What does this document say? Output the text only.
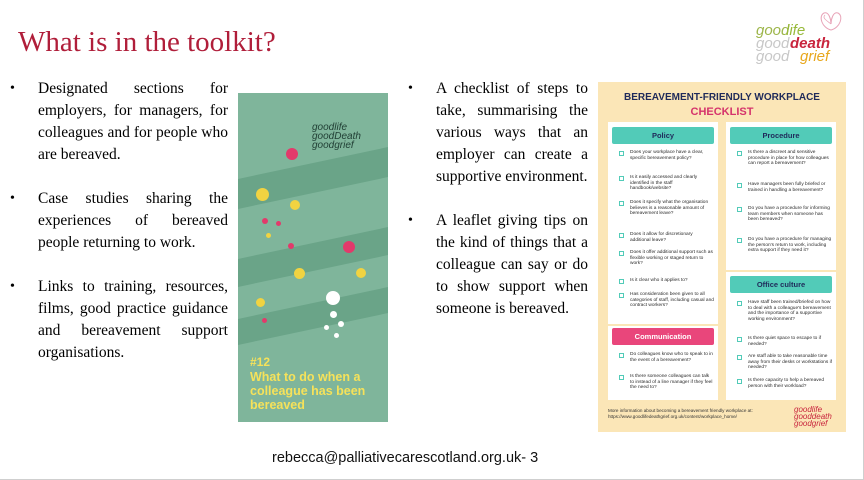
What is in the toolkit?	good
life
good death
good grief
• Designated sections for employers, for managers, for colleagues and for people who are bereaved.
• Case studies sharing the experiences of bereaved people returning to work.
• Links to training, resources, films, good practice guidance and bereavement support organisations.
goodlife goodDeath goodgrief
#12
What to do when a colleague has been bereaved
• A checklist of steps to take, summarising the various ways that an employer can create a supportive environment.
• A leaflet giving tips on the kind of things that a colleague can say or do to show support when someone is bereaved.
BEREAVEMENT-FRIENDLY WORKPLACE
CHECKLIST
Policy
Does your workplace have a clear, specific bereavement policy?
Is it easily accessed and clearly identified in the staff handbook/website?
Does it specify what the organisation believes is a reasonable amount of bereavement leave?
Does it allow for discretionary additional leave?
Does it offer additional support such as flexible working or staged return to work?
Is it clear who it applies to?
Has consideration been given to all categories of staff, including casual and contract workers?
Communication
Do colleagues know who to speak to in the event of a bereavement?
Is there someone colleagues can talk to instead of a line manager if they feel the need to?
Procedure
Is there a discreet and sensitive procedure in place for how colleagues can report a bereavement?
Have managers been fully briefed or trained in handling a bereavement?
Do you have a procedure for informing team members when someone has been bereaved?
Do you have a procedure for managing the person's return to work, including extra support if they need it?
Office culture
Have staff been trained/briefed on how to deal with a colleague's bereavement and the importance of a supportive working environment?
Is there quiet space to escape to if needed?
Are staff able to take reasonable time away from their desks or workstations if needed?
Is there capacity to help a bereaved person with their workload?
More information about becoming a bereavement friendly workplace at: https://www.goodlifedeathgrief.org.uk/content/workplace_home/
goodlife gooddeath goodgrief
rebecca@palliativecarescotland.org.uk- 3
